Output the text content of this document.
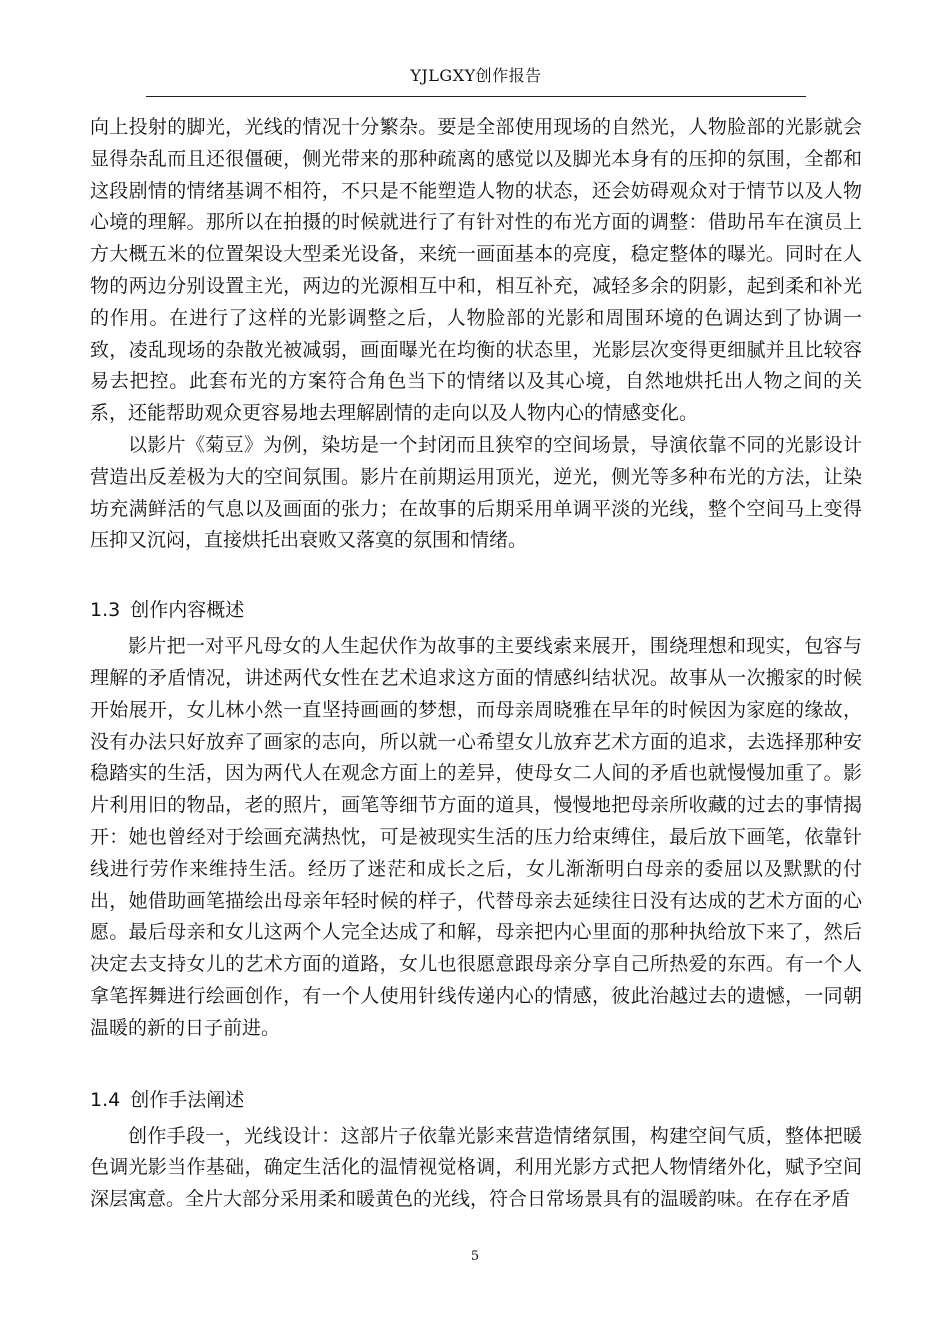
YJLGXY创作报告

向上投射的脚光，光线的情况十分繁杂。要是全部使用现场的自然光，人物脸部的光影就会显得杂乱而且还很僵硬，侧光带来的那种疏离的感觉以及脚光本身有的压抑的氛围，全都和这段剧情的情绪基调不相符，不只是不能塑造人物的状态，还会妨碍观众对于情节以及人物心境的理解。那所以在拍摄的时候就进行了有针对性的布光方面的调整：借助吊车在演员上方大概五米的位置架设大型柔光设备，来统一画面基本的亮度，稳定整体的曝光。同时在人物的两边分别设置主光，两边的光源相互中和，相互补充，减轻多余的阴影，起到柔和补光的作用。在进行了这样的光影调整之后，人物脸部的光影和周围环境的色调达到了协调一致，凌乱现场的杂散光被减弱，画面曝光在均衡的状态里，光影层次变得更细腻并且比较容易去把控。此套布光的方案符合角色当下的情绪以及其心境，自然地烘托出人物之间的关系，还能帮助观众更容易地去理解剧情的走向以及人物内心的情感变化。

以影片《菊豆》为例，染坊是一个封闭而且狭窄的空间场景，导演依靠不同的光影设计营造出反差极为大的空间氛围。影片在前期运用顶光，逆光，侧光等多种布光的方法，让染坊充满鲜活的气息以及画面的张力；在故事的后期采用单调平淡的光线，整个空间马上变得压抑又沉闷，直接烘托出衰败又落寞的氛围和情绪。

1.3 创作内容概述

影片把一对平凡母女的人生起伏作为故事的主要线索来展开，围绕理想和现实，包容与理解的矛盾情况，讲述两代女性在艺术追求这方面的情感纠结状况。故事从一次搬家的时候开始展开，女儿林小然一直坚持画画的梦想，而母亲周晓雅在早年的时候因为家庭的缘故，没有办法只好放弃了画家的志向，所以就一心希望女儿放弃艺术方面的追求，去选择那种安稳踏实的生活，因为两代人在观念方面上的差异，使母女二人间的矛盾也就慢慢加重了。影片利用旧的物品，老的照片，画笔等细节方面的道具，慢慢地把母亲所收藏的过去的事情揭开：她也曾经对于绘画充满热忱，可是被现实生活的压力给束缚住，最后放下画笔，依靠针线进行劳作来维持生活。经历了迷茫和成长之后，女儿渐渐明白母亲的委屈以及默默的付出，她借助画笔描绘出母亲年轻时候的样子，代替母亲去延续往日没有达成的艺术方面的心愿。最后母亲和女儿这两个人完全达成了和解，母亲把内心里面的那种执给放下来了，然后决定去支持女儿的艺术方面的道路，女儿也很愿意跟母亲分享自己所热爱的东西。有一个人拿笔挥舞进行绘画创作，有一个人使用针线传递内心的情感，彼此治越过去的遗憾，一同朝温暖的新的日子前进。

1.4 创作手法阐述

创作手段一，光线设计：这部片子依靠光影来营造情绪氛围，构建空间气质，整体把暖色调光影当作基础，确定生活化的温情视觉格调，利用光影方式把人物情绪外化，赋予空间深层寓意。全片大部分采用柔和暖黄色的光线，符合日常场景具有的温暖韵味。在存在矛盾

5
